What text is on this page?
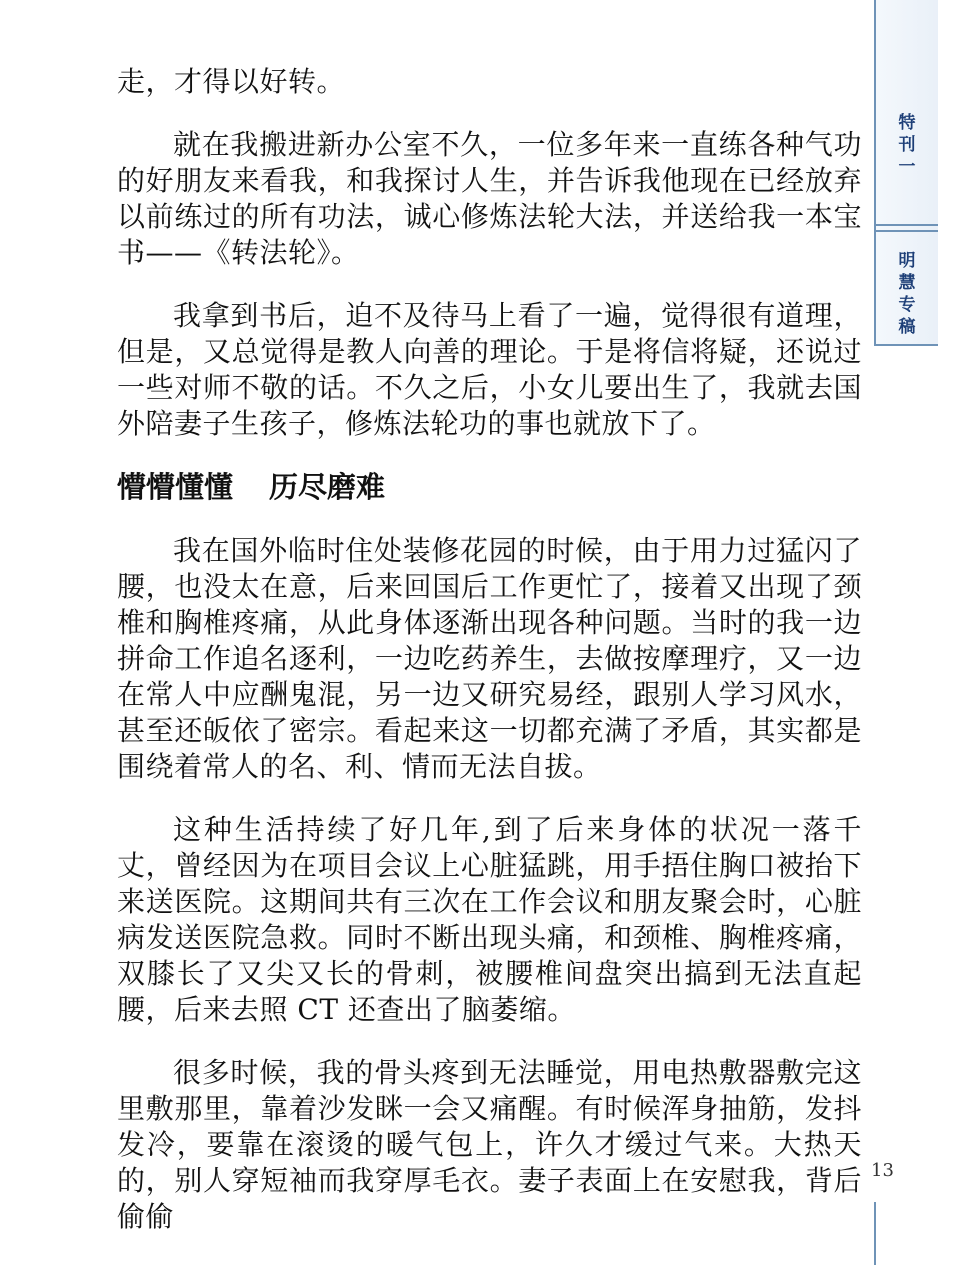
特
刊
一
明
慧
专
稿

走，才得以好转。

就在我搬进新办公室不久，一位多年来一直练各种气功的好朋友来看我，和我探讨人生，并告诉我他现在已经放弃以前练过的所有功法，诚心修炼法轮大法，并送给我一本宝书——《转法轮》。

我拿到书后，迫不及待马上看了一遍，觉得很有道理，但是，又总觉得是教人向善的理论。于是将信将疑，还说过一些对师不敬的话。不久之后，小女儿要出生了，我就去国外陪妻子生孩子，修炼法轮功的事也就放下了。

懵懵懂懂 历尽磨难

我在国外临时住处装修花园的时候，由于用力过猛闪了腰，也没太在意，后来回国后工作更忙了，接着又出现了颈椎和胸椎疼痛，从此身体逐渐出现各种问题。当时的我一边拼命工作追名逐利，一边吃药养生，去做按摩理疗，又一边在常人中应酬鬼混，另一边又研究易经，跟别人学习风水，甚至还皈依了密宗。看起来这一切都充满了矛盾，其实都是围绕着常人的名、利、情而无法自拔。

这种生活持续了好几年,到了后来身体的状况一落千丈，曾经因为在项目会议上心脏猛跳，用手捂住胸口被抬下来送医院。这期间共有三次在工作会议和朋友聚会时，心脏病发送医院急救。同时不断出现头痛，和颈椎、胸椎疼痛，双膝长了又尖又长的骨刺，被腰椎间盘突出搞到无法直起腰，后来去照 CT 还查出了脑萎缩。

很多时候，我的骨头疼到无法睡觉，用电热敷器敷完这里敷那里，靠着沙发眯一会又痛醒。有时候浑身抽筋，发抖发冷，要靠在滚烫的暖气包上，许久才缓过气来。大热天的，别人穿短袖而我穿厚毛衣。妻子表面上在安慰我，背后偷偷

13
